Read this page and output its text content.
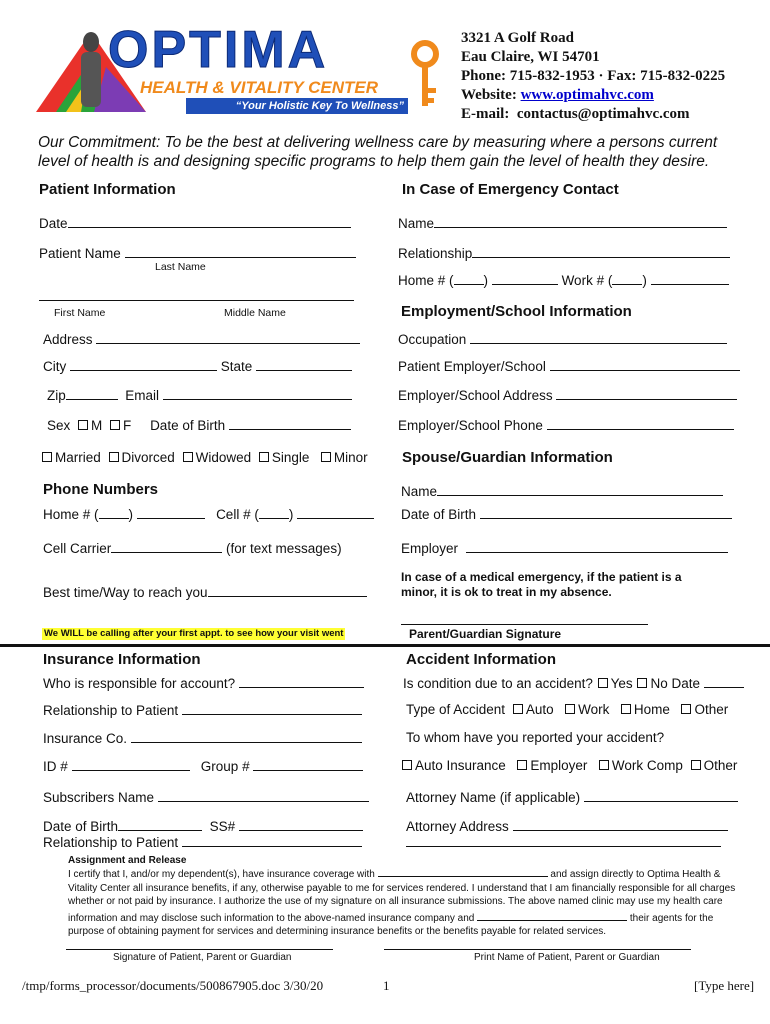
OPTIMA
HEALTH & VITALITY CENTER
“Your Holistic Key To Wellness”
3321 A Golf Road
Eau Claire, WI 54701
Phone: 715-832-1953 · Fax: 715-832-0225
Website: www.optimahvc.com
E-mail: contactus@optimahvc.com
Our Commitment: To be the best at delivering wellness care by measuring where a persons current
level of health is and designing specific programs to help them gain the level of health they desire.
Patient Information
Date
Patient Name
Last Name
First Name	Middle Name
Address
City	State
Zip	Email
Sex M F Date of Birth
Married Divorced Widowed Single Minor
In Case of Emergency Contact
Name
Relationship
Home # ( )	Work # ( )
Employment/School Information
Occupation
Patient Employer/School
Employer/School Address
Employer/School Phone
Phone Numbers
Home # ( )	Cell # ( )
Cell Carrier	(for text messages)
Best time/Way to reach you
We WILL be calling after your first appt. to see how your visit went
Spouse/Guardian Information
Name
Date of Birth
Employer
In case of a medical emergency, if the patient is a
minor, it is ok to treat in my absence.
Parent/Guardian Signature
Insurance Information
Who is responsible for account?
Relationship to Patient
Insurance Co.
ID #	Group #
Subscribers Name
Date of Birth	SS#
Relationship to Patient
Accident Information
Is condition due to an accident? Yes No Date
Type of Accident Auto Work Home Other
To whom have you reported your accident?
Auto Insurance Employer Work Comp Other
Attorney Name (if applicable)
Attorney Address
Assignment and Release
I certify that I, and/or my dependent(s), have insurance coverage with	and assign directly to Optima Health &
Vitality Center all insurance benefits, if any, otherwise payable to me for services rendered. I understand that I am financially responsible for all charges
whether or not paid by insurance. I authorize the use of my signature on all insurance submissions. The above named clinic may use my health care
information and may disclose such information to the above-named insurance company and	their agents for the
purpose of obtaining payment for services and determining insurance benefits or the benefits payable for related services.
Signature of Patient, Parent or Guardian	Print Name of Patient, Parent or Guardian
/tmp/forms_processor/documents/500867905.doc 3/30/20	1	[Type here]
